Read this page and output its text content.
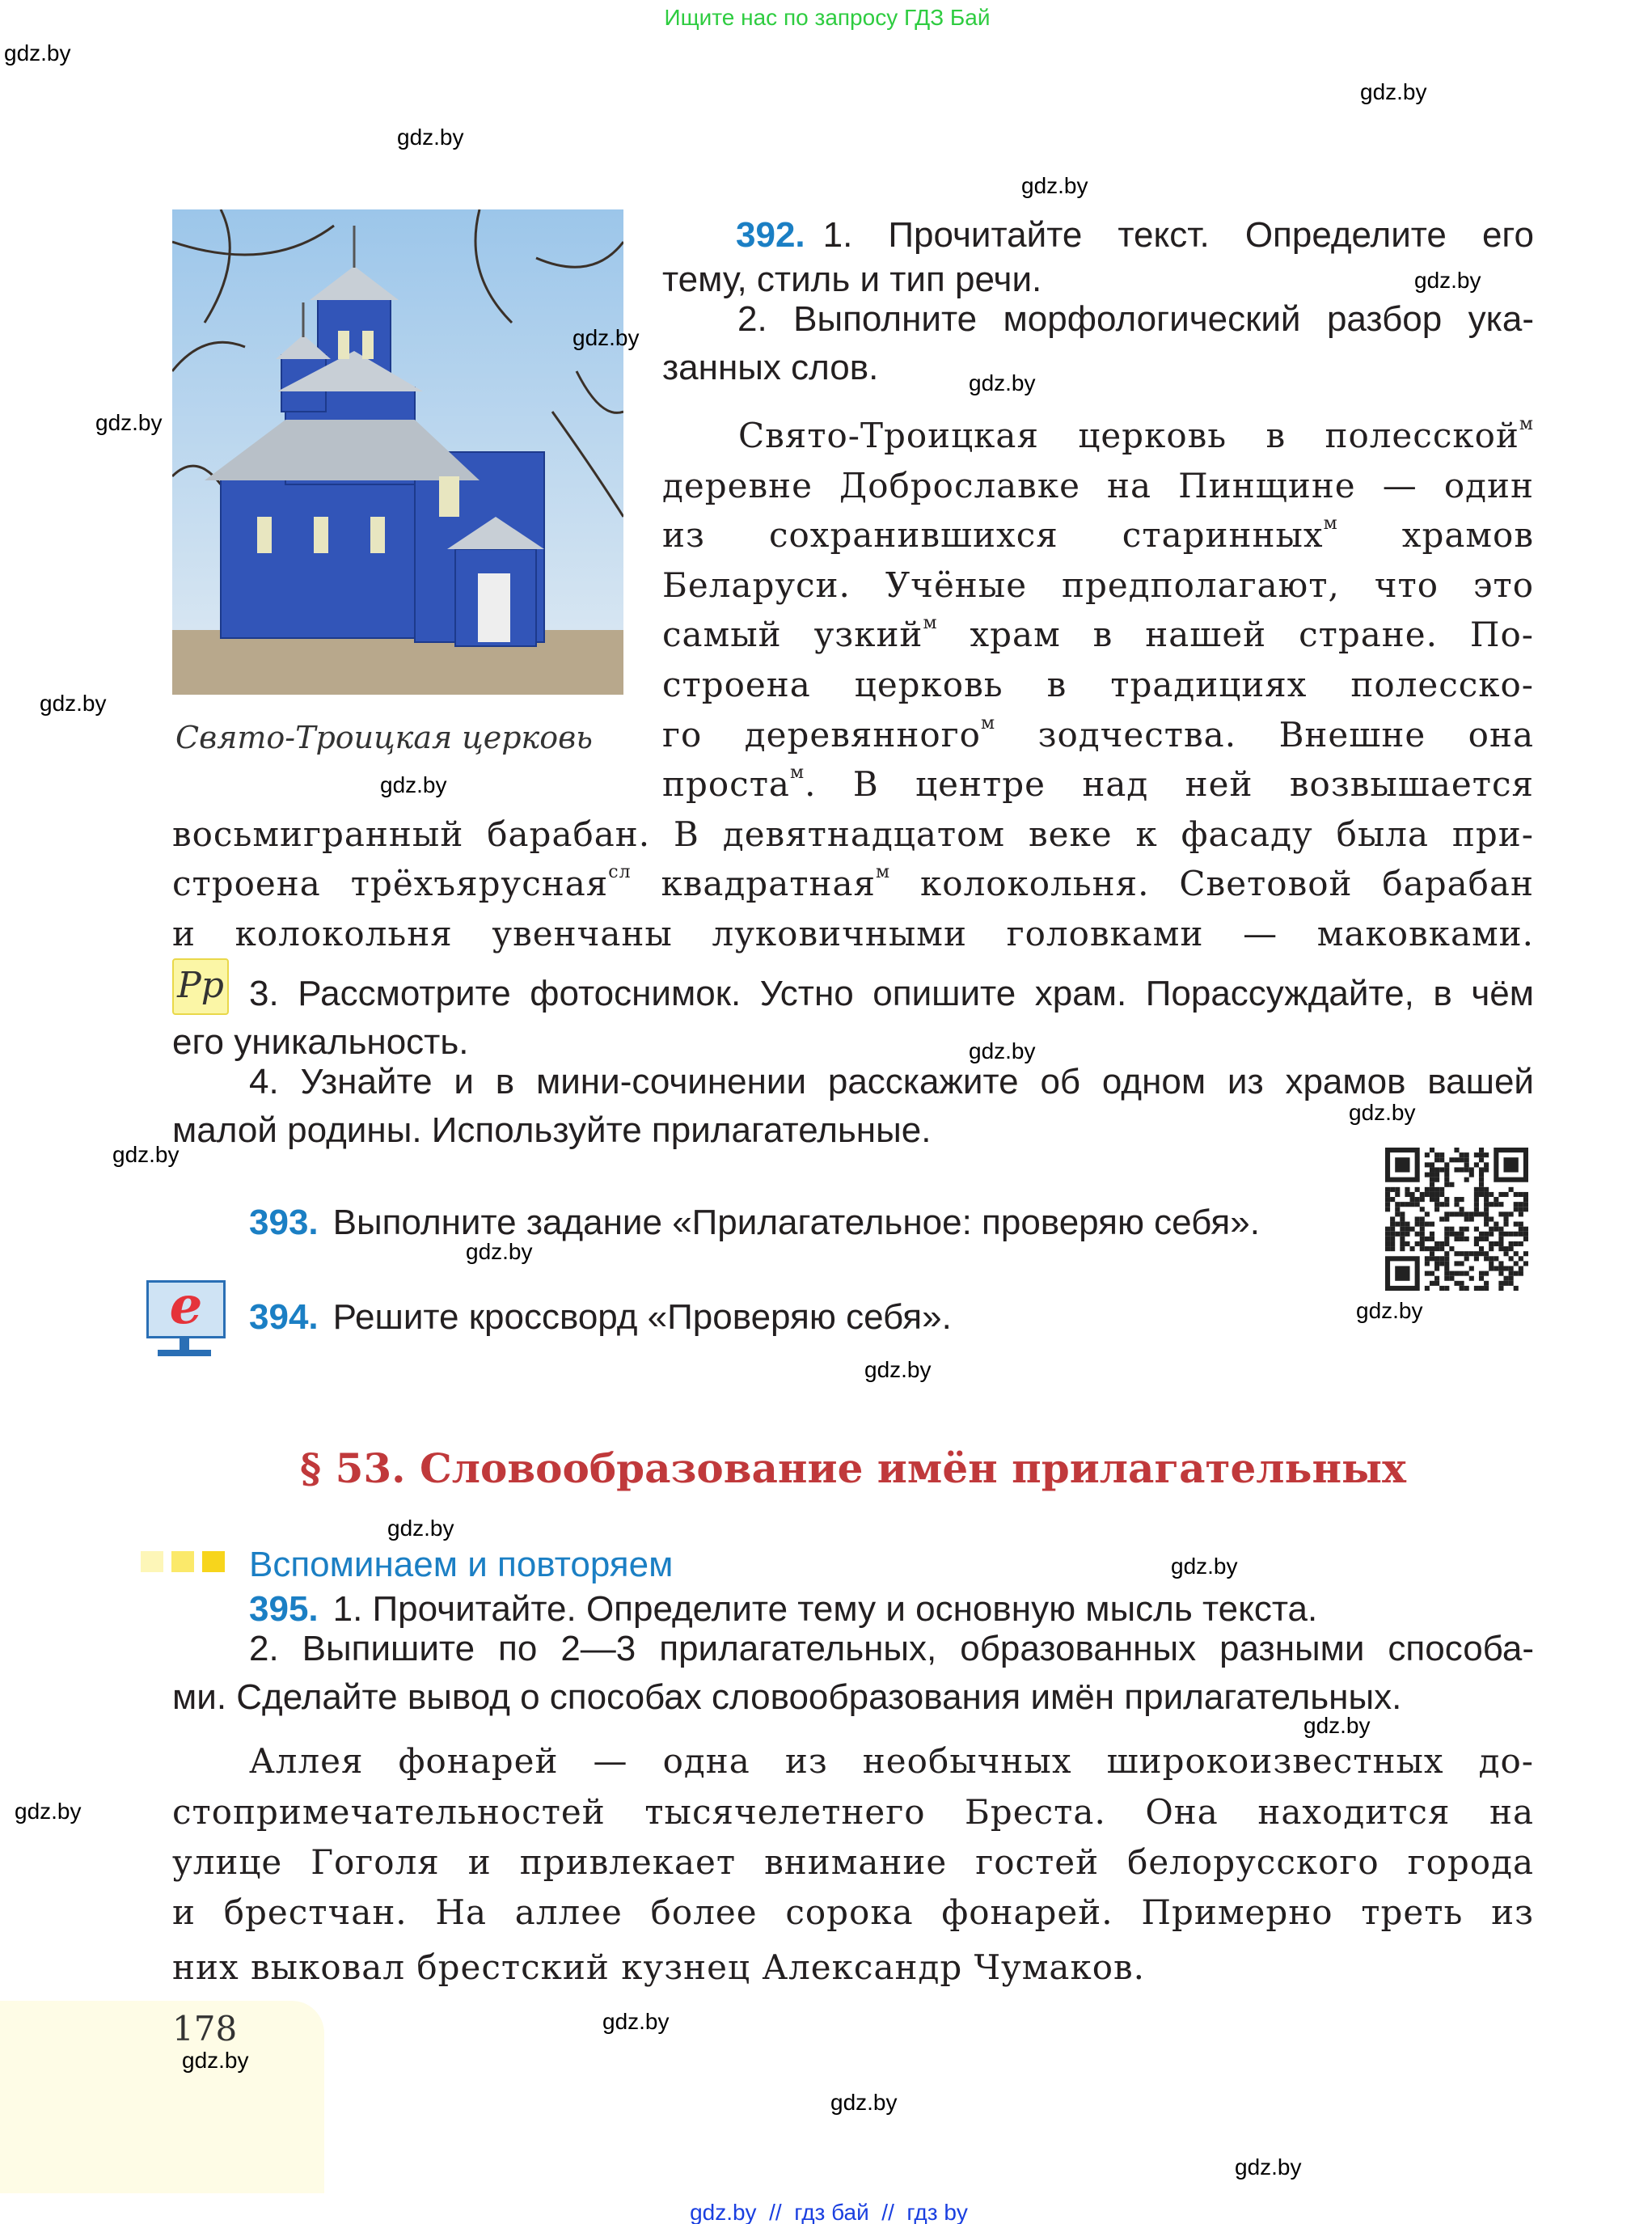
Ищите нас по запросу ГДЗ Бай
Свято-Троицкая церковь
392. 1. Прочитайте текст. Определите его
тему, стиль и тип речи.
2. Выполните морфологический разбор ука-
занных слов.
Свято-Троицкая церковь в полесской$^м$
деревне Доброславке на Пинщине — один
из сохранившихся старинных$^м$ храмов
Беларуси. Учёные предполагают, что это
самый узкий$^м$ храм в нашей стране. По-
строена церковь в традициях полесско-
го деревянного$^м$ зодчества. Внешне она
проста$^м$. В центре над ней возвышается
восьмигранный барабан. В девятнадцатом веке к фасаду была при-
строена трёхъярусная$^{сл}$ квадратная$^м$ колокольня. Световой барабан
и колокольня увенчаны луковичными головками — маковками.
Pp 3. Рассмотрите фотоснимок. Устно опишите храм. Порассуждайте, в чём
его уникальность.
4. Узнайте и в мини-сочинении расскажите об одном из храмов вашей
малой родины. Используйте прилагательные.
393. Выполните задание «Прилагательное: проверяю себя».
e	394. Решите кроссворд «Проверяю себя».
§ 53. Словообразование имён прилагательных
Вспоминаем и повторяем
395. 1. Прочитайте. Определите тему и основную мысль текста.
2. Выпишите по 2—3 прилагательных, образованных разными способа-
ми. Сделайте вывод о способах словообразования имён прилагательных.
Аллея фонарей — одна из необычных широкоизвестных до-
стопримечательностей тысячелетнего Бреста. Она находится на
улице Гоголя и привлекает внимание гостей белорусского города
и брестчан. На аллее более сорока фонарей. Примерно треть из
них выковал брестский кузнец Александр Чумаков.
178
gdz.by  //  гдз бай  //  гдз by
gdz.by
gdz.by
gdz.by
gdz.by
gdz.by
gdz.by
gdz.by
gdz.by
gdz.by
gdz.by
gdz.by
gdz.by
gdz.by
gdz.by
gdz.by
gdz.by
gdz.by
gdz.by
gdz.by
gdz.by
gdz.by
gdz.by
gdz.by
gdz.by
